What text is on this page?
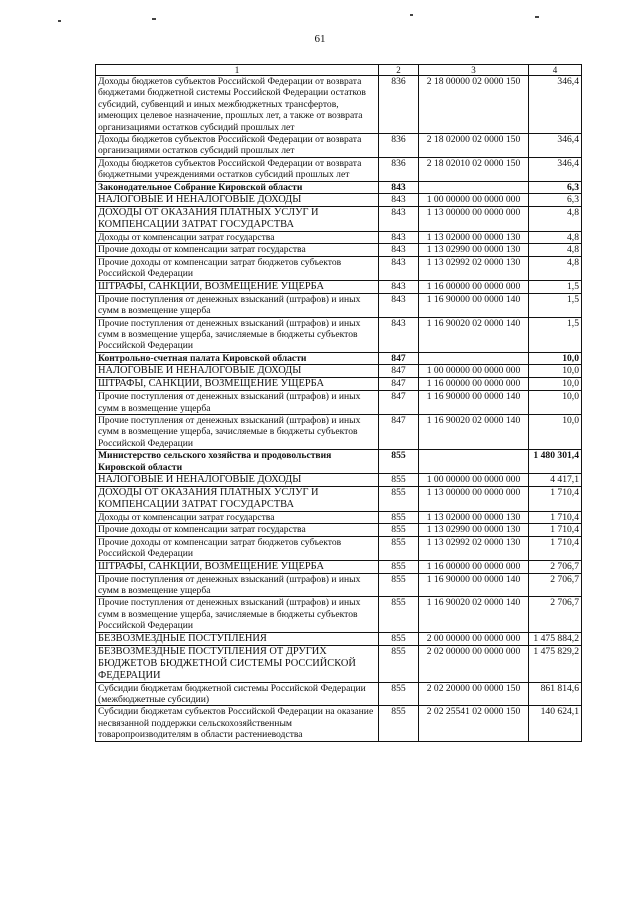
61
1	2	3	4
Доходы бюджетов субъектов Российской Федерации от возврата бюджетами бюджетной системы Российской Федерации остатков субсидий, субвенций и иных межбюджетных трансфертов, имеющих целевое назначение, прошлых лет, а также от возврата организациями остатков субсидий прошлых лет	836	2 18 00000 02 0000 150	346,4
Доходы бюджетов субъектов Российской Федерации от возврата организациями остатков субсидий прошлых лет	836	2 18 02000 02 0000 150	346,4
Доходы бюджетов субъектов Российской Федерации от возврата бюджетными учреждениями остатков субсидий прошлых лет	836	2 18 02010 02 0000 150	346,4
Законодательное Собрание Кировской области	843		6,3
НАЛОГОВЫЕ И НЕНАЛОГОВЫЕ ДОХОДЫ	843	1 00 00000 00 0000 000	6,3
ДОХОДЫ ОТ ОКАЗАНИЯ ПЛАТНЫХ УСЛУГ И КОМПЕНСАЦИИ ЗАТРАТ ГОСУДАРСТВА	843	1 13 00000 00 0000 000	4,8
Доходы от компенсации затрат государства	843	1 13 02000 00 0000 130	4,8
Прочие доходы от компенсации затрат государства	843	1 13 02990 00 0000 130	4,8
Прочие доходы от компенсации затрат бюджетов субъектов Российской Федерации	843	1 13 02992 02 0000 130	4,8
ШТРАФЫ, САНКЦИИ, ВОЗМЕЩЕНИЕ УЩЕРБА	843	1 16 00000 00 0000 000	1,5
Прочие поступления от денежных взысканий (штрафов) и иных сумм в возмещение ущерба	843	1 16 90000 00 0000 140	1,5
Прочие поступления от денежных взысканий (штрафов) и иных сумм в возмещение ущерба, зачисляемые в бюджеты субъектов Российской Федерации	843	1 16 90020 02 0000 140	1,5
Контрольно-счетная палата Кировской области	847		10,0
НАЛОГОВЫЕ И НЕНАЛОГОВЫЕ ДОХОДЫ	847	1 00 00000 00 0000 000	10,0
ШТРАФЫ, САНКЦИИ, ВОЗМЕЩЕНИЕ УЩЕРБА	847	1 16 00000 00 0000 000	10,0
Прочие поступления от денежных взысканий (штрафов) и иных сумм в возмещение ущерба	847	1 16 90000 00 0000 140	10,0
Прочие поступления от денежных взысканий (штрафов) и иных сумм в возмещение ущерба, зачисляемые в бюджеты субъектов Российской Федерации	847	1 16 90020 02 0000 140	10,0
Министерство сельского хозяйства и продовольствия Кировской области	855		1 480 301,4
НАЛОГОВЫЕ И НЕНАЛОГОВЫЕ ДОХОДЫ	855	1 00 00000 00 0000 000	4 417,1
ДОХОДЫ ОТ ОКАЗАНИЯ ПЛАТНЫХ УСЛУГ И КОМПЕНСАЦИИ ЗАТРАТ ГОСУДАРСТВА	855	1 13 00000 00 0000 000	1 710,4
Доходы от компенсации затрат государства	855	1 13 02000 00 0000 130	1 710,4
Прочие доходы от компенсации затрат государства	855	1 13 02990 00 0000 130	1 710,4
Прочие доходы от компенсации затрат бюджетов субъектов Российской Федерации	855	1 13 02992 02 0000 130	1 710,4
ШТРАФЫ, САНКЦИИ, ВОЗМЕЩЕНИЕ УЩЕРБА	855	1 16 00000 00 0000 000	2 706,7
Прочие поступления от денежных взысканий (штрафов) и иных сумм в возмещение ущерба	855	1 16 90000 00 0000 140	2 706,7
Прочие поступления от денежных взысканий (штрафов) и иных сумм в возмещение ущерба, зачисляемые в бюджеты субъектов Российской Федерации	855	1 16 90020 02 0000 140	2 706,7
БЕЗВОЗМЕЗДНЫЕ ПОСТУПЛЕНИЯ	855	2 00 00000 00 0000 000	1 475 884,2
БЕЗВОЗМЕЗДНЫЕ ПОСТУПЛЕНИЯ ОТ ДРУГИХ БЮДЖЕТОВ БЮДЖЕТНОЙ СИСТЕМЫ РОССИЙСКОЙ ФЕДЕРАЦИИ	855	2 02 00000 00 0000 000	1 475 829,2
Субсидии бюджетам бюджетной системы Российской Федерации (межбюджетные субсидии)	855	2 02 20000 00 0000 150	861 814,6
Субсидии бюджетам субъектов Российской Федерации на оказание несвязанной поддержки сельскохозяйственным товаропроизводителям в области растениеводства	855	2 02 25541 02 0000 150	140 624,1
